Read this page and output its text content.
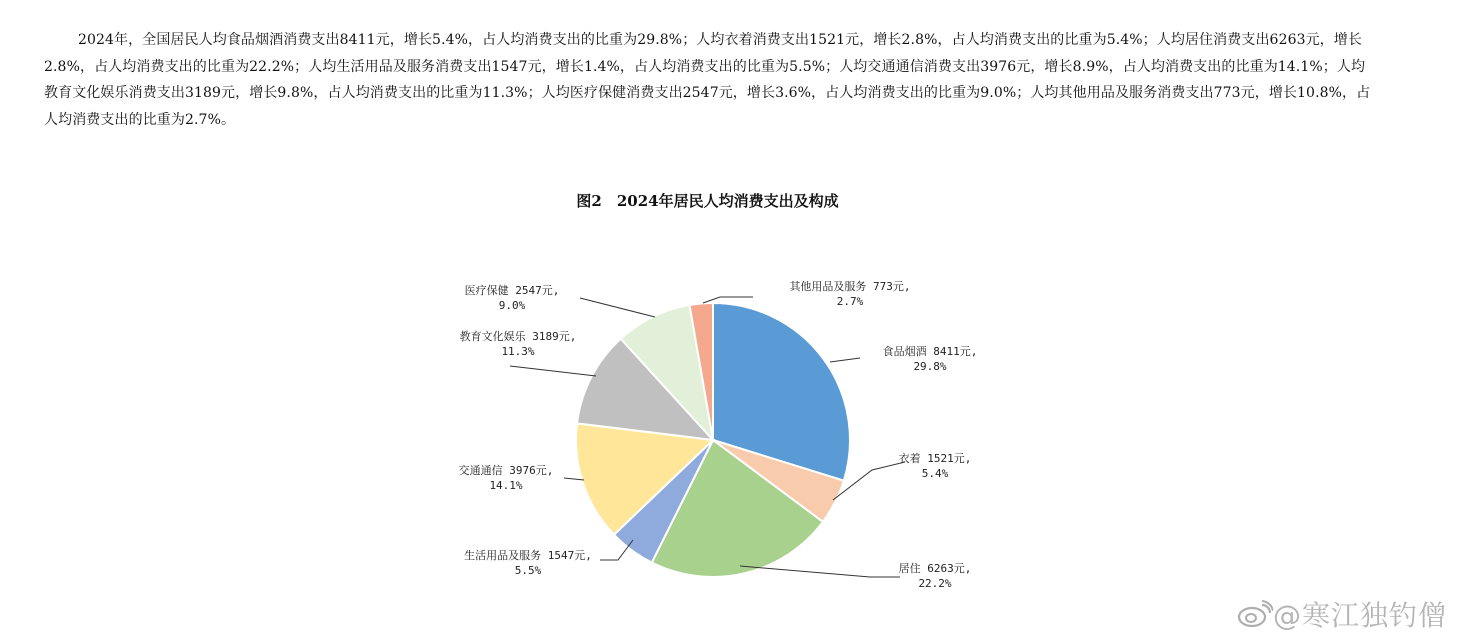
2024年，全国居民人均食品烟酒消费支出8411元，增长5.4%，占人均消费支出的比重为29.8%；人均衣着消费支出1521元，增长2.8%，占人均消费支出的比重为5.4%；人均居住消费支出6263元，增长2.8%，占人均消费支出的比重为22.2%；人均生活用品及服务消费支出1547元，增长1.4%，占人均消费支出的比重为5.5%；人均交通通信消费支出3976元，增长8.9%，占人均消费支出的比重为14.1%；人均教育文化娱乐消费支出3189元，增长9.8%，占人均消费支出的比重为11.3%；人均医疗保健消费支出2547元，增长3.6%，占人均消费支出的比重为9.0%；人均其他用品及服务消费支出773元，增长10.8%，占人均消费支出的比重为2.7%。

图2　2024年居民人均消费支出及构成
食品烟酒 8411元,
29.8%
衣着 1521元,
5.4%
居住 6263元,
22.2%
生活用品及服务 1547元,
5.5%
交通通信 3976元,
14.1%
教育文化娱乐 3189元,
11.3%
医疗保健 2547元,
9.0%
其他用品及服务 773元,
2.7%
@寒江独钓僧
